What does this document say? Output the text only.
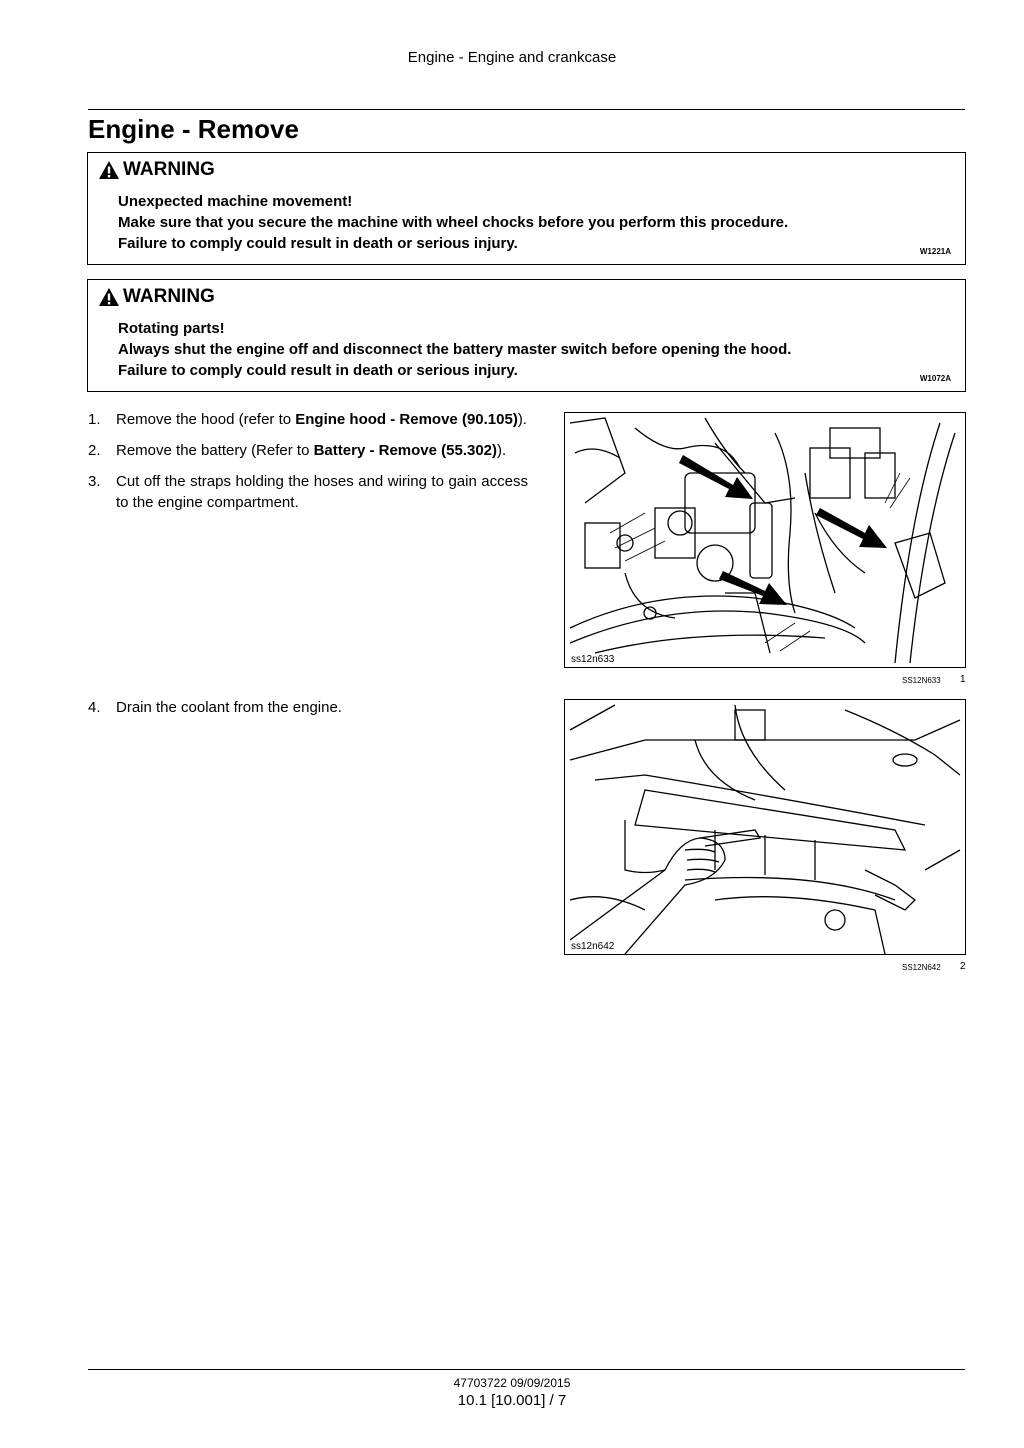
Engine - Engine and crankcase
Engine - Remove
WARNING
Unexpected machine movement!
Make sure that you secure the machine with wheel chocks before you perform this procedure.
Failure to comply could result in death or serious injury.	W1221A
WARNING
Rotating parts!
Always shut the engine off and disconnect the battery master switch before opening the hood.
Failure to comply could result in death or serious injury.	W1072A
1.	Remove the hood (refer to Engine hood - Remove (90.105)).
2.	Remove the battery (Refer to Battery - Remove (55.302)).
3.	Cut off the straps holding the hoses and wiring to gain access to the engine compartment.
ss12n633
SS12N633 1
4.	Drain the coolant from the engine.
ss12n642
SS12N642 2
47703722 09/09/2015
10.1 [10.001] / 7
